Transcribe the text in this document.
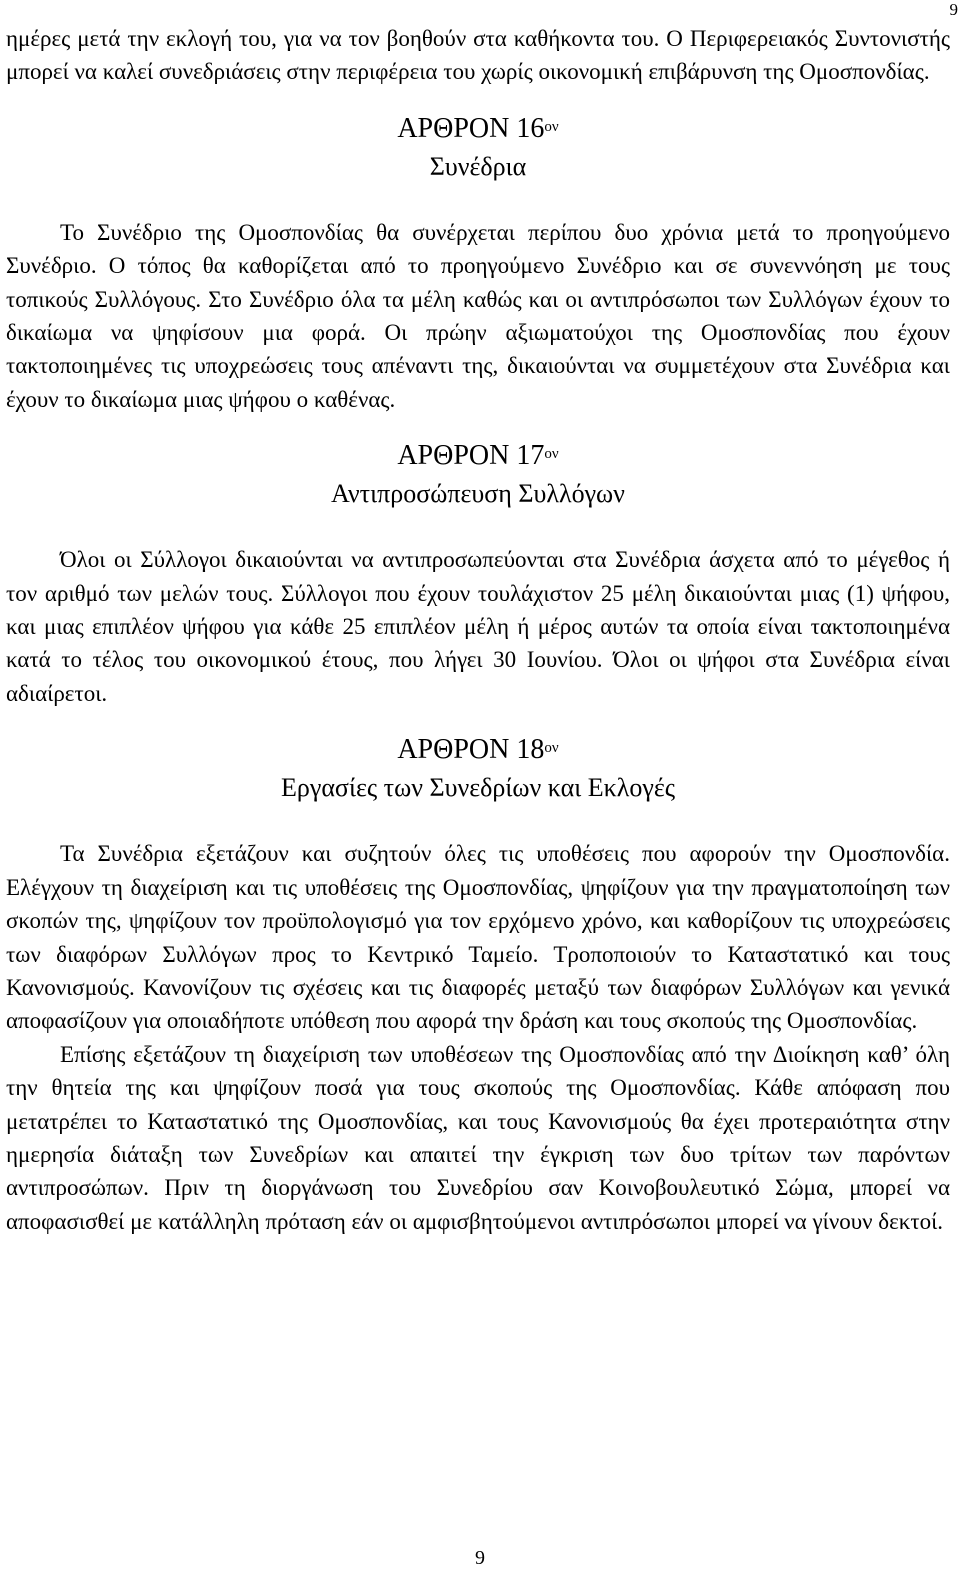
9

ημέρες μετά την εκλογή του, για να τον βοηθούν στα καθήκοντα του. Ο Περιφερειακός Συντονιστής μπορεί να καλεί συνεδριάσεις στην περιφέρεια του χωρίς οικονομική επιβάρυνση της Ομοσπονδίας.

ΑΡΘΡΟΝ $16^{o\nu}$
Συνέδρια

Το Συνέδριο της Ομοσπονδίας θα συνέρχεται περίπου δυο χρόνια μετά το προηγούμενο Συνέδριο. Ο τόπος θα καθορίζεται από το προηγούμενο Συνέδριο και σε συνεννόηση με τους τοπικούς Συλλόγους. Στο Συνέδριο όλα τα μέλη καθώς και οι αντιπρόσωποι των Συλλόγων έχουν το δικαίωμα να ψηφίσουν μια φορά. Οι πρώην αξιωματούχοι της Ομοσπονδίας που έχουν τακτοποιημένες τις υποχρεώσεις τους απέναντι της, δικαιούνται να συμμετέχουν στα Συνέδρια και έχουν το δικαίωμα μιας ψήφου ο καθένας.

ΑΡΘΡΟΝ $17^{o\nu}$
Αντιπροσώπευση Συλλόγων

Όλοι οι Σύλλογοι δικαιούνται να αντιπροσωπεύονται στα Συνέδρια άσχετα από το μέγεθος ή τον αριθμό των μελών τους. Σύλλογοι που έχουν τουλάχιστον 25 μέλη δικαιούνται μιας (1) ψήφου, και μιας επιπλέον ψήφου για κάθε 25 επιπλέον μέλη ή μέρος αυτών τα οποία είναι τακτοποιημένα κατά το τέλος του οικονομικού έτους, που λήγει 30 Ιουνίου. Όλοι οι ψήφοι στα Συνέδρια είναι αδιαίρετοι.

ΑΡΘΡΟΝ $18^{o\nu}$
Εργασίες των Συνεδρίων και Εκλογές

Τα Συνέδρια εξετάζουν και συζητούν όλες τις υποθέσεις που αφορούν την Ομοσπονδία. Ελέγχουν τη διαχείριση και τις υποθέσεις της Ομοσπονδίας, ψηφίζουν για την πραγματοποίηση των σκοπών της, ψηφίζουν τον προϋπολογισμό για τον ερχόμενο χρόνο, και καθορίζουν τις υποχρεώσεις των διαφόρων Συλλόγων προς το Κεντρικό Ταμείο. Τροποποιούν το Καταστατικό και τους Κανονισμούς. Κανονίζουν τις σχέσεις και τις διαφορές μεταξύ των διαφόρων Συλλόγων και γενικά αποφασίζουν για οποιαδήποτε υπόθεση που αφορά την δράση και τους σκοπούς της Ομοσπονδίας.

Επίσης εξετάζουν τη διαχείριση των υποθέσεων της Ομοσπονδίας από την Διοίκηση καθ’ όλη την θητεία της και ψηφίζουν ποσά για τους σκοπούς της Ομοσπονδίας. Κάθε απόφαση που μετατρέπει το Καταστατικό της Ομοσπονδίας, και τους Κανονισμούς θα έχει προτεραιότητα στην ημερησία διάταξη των Συνεδρίων και απαιτεί την έγκριση των δυο τρίτων των παρόντων αντιπροσώπων. Πριν τη διοργάνωση του Συνεδρίου σαν Κοινοβουλευτικό Σώμα, μπορεί να αποφασισθεί με κατάλληλη πρόταση εάν οι αμφισβητούμενοι αντιπρόσωποι μπορεί να γίνουν δεκτοί.

9
